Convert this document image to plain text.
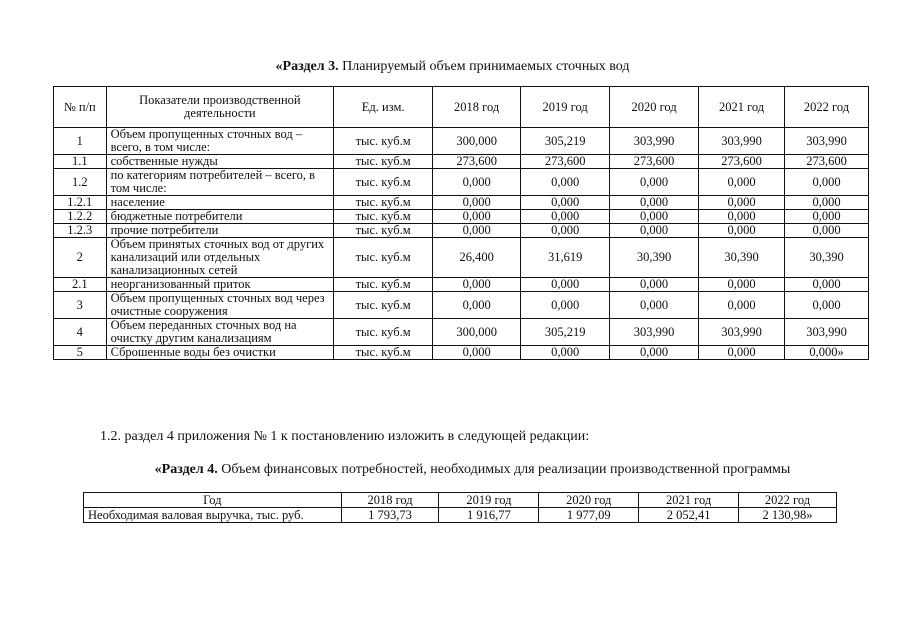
«Раздел 3. Планируемый объем принимаемых сточных вод
№ п/п	Показатели производственной деятельности	Ед. изм.	2018 год	2019 год	2020 год	2021 год	2022 год
1	Объем пропущенных сточных вод – всего, в том числе:	тыс. куб.м	300,000	305,219	303,990	303,990	303,990
1.1	собственные нужды	тыс. куб.м	273,600	273,600	273,600	273,600	273,600
1.2	по категориям потребителей – всего, в том числе:	тыс. куб.м	0,000	0,000	0,000	0,000	0,000
1.2.1	население	тыс. куб.м	0,000	0,000	0,000	0,000	0,000
1.2.2	бюджетные потребители	тыс. куб.м	0,000	0,000	0,000	0,000	0,000
1.2.3	прочие потребители	тыс. куб.м	0,000	0,000	0,000	0,000	0,000
2	Объем принятых сточных вод от других канализаций или отдельных канализационных сетей	тыс. куб.м	26,400	31,619	30,390	30,390	30,390
2.1	неорганизованный приток	тыс. куб.м	0,000	0,000	0,000	0,000	0,000
3	Объем пропущенных сточных вод через очистные сооружения	тыс. куб.м	0,000	0,000	0,000	0,000	0,000
4	Объем переданных сточных вод на очистку другим канализациям	тыс. куб.м	300,000	305,219	303,990	303,990	303,990
5	Сброшенные воды без очистки	тыс. куб.м	0,000	0,000	0,000	0,000	0,000»
1.2. раздел 4 приложения № 1 к постановлению изложить в следующей редакции:
«Раздел 4. Объем финансовых потребностей, необходимых для реализации производственной программы
Год	2018 год	2019 год	2020 год	2021 год	2022 год
Необходимая валовая выручка, тыс. руб.	1 793,73	1 916,77	1 977,09	2 052,41	2 130,98»
